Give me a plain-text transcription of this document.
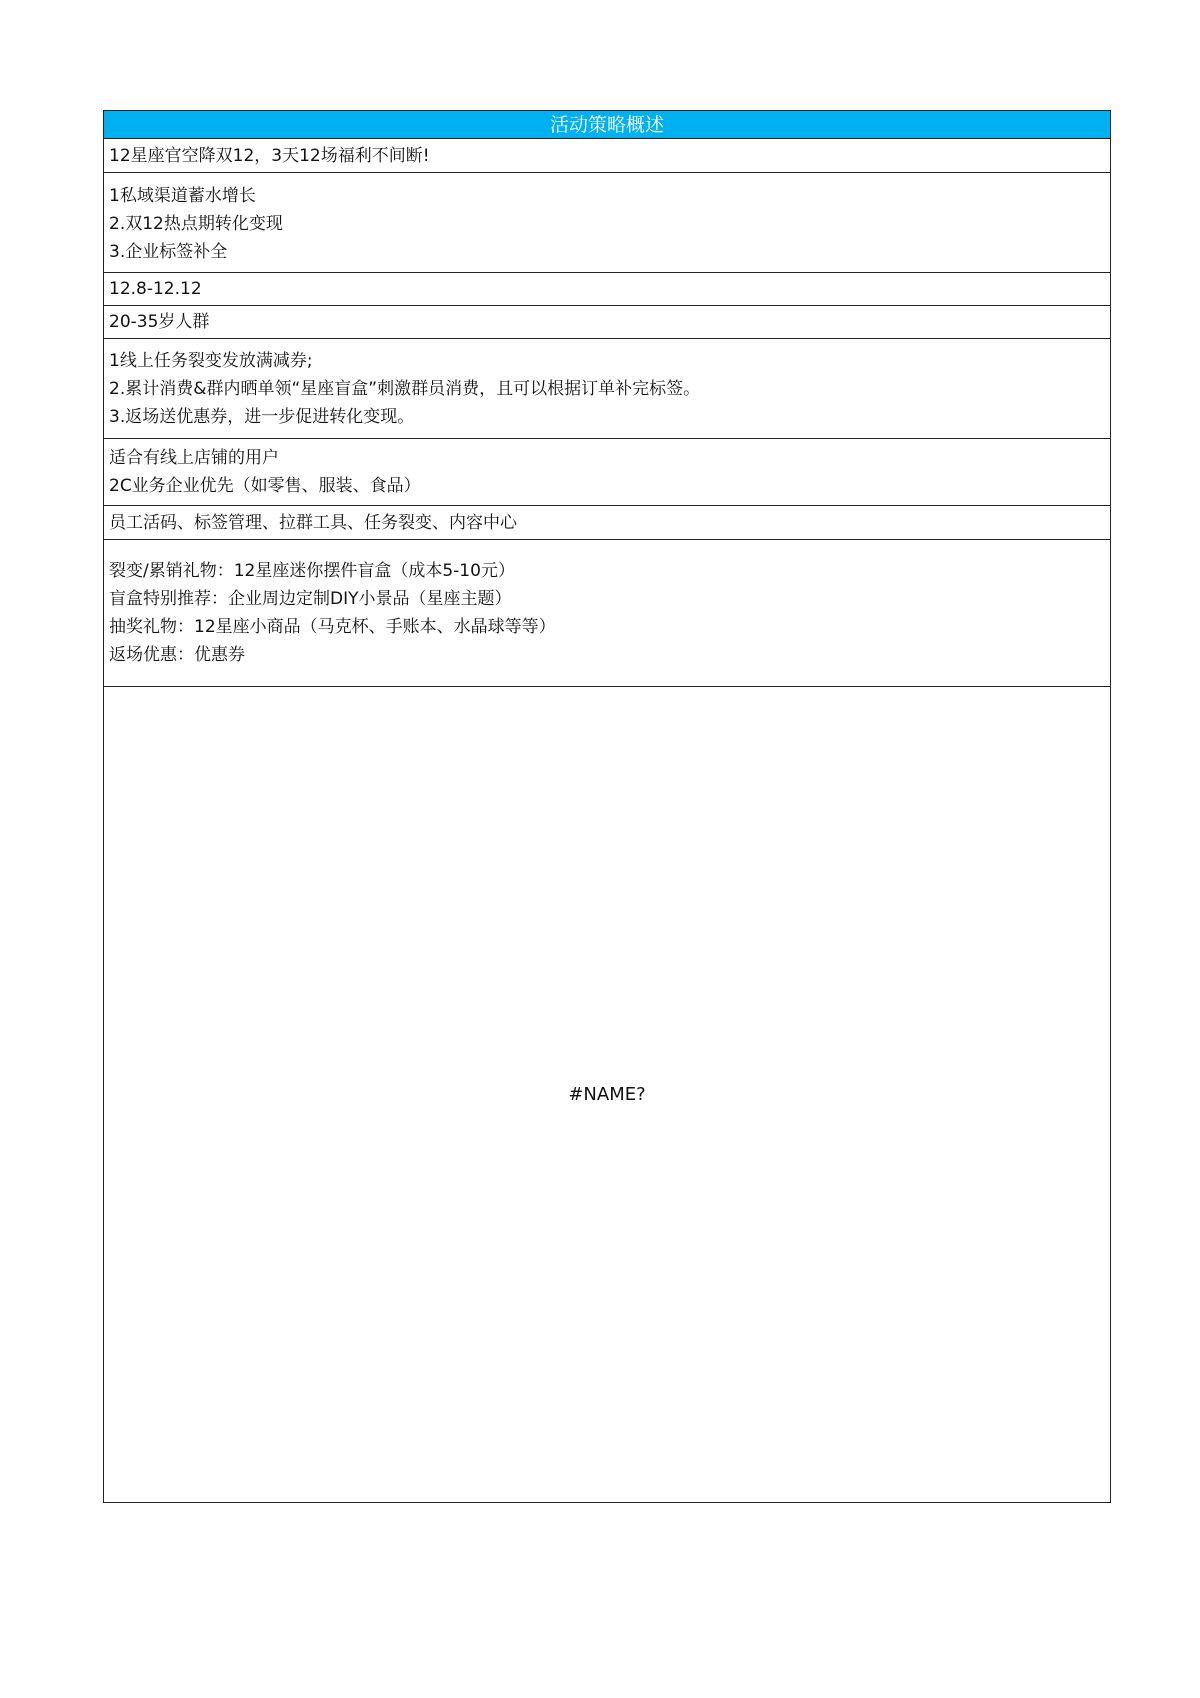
活动策略概述
12星座官空降双12，3天12场福利不间断!
1私域渠道蓄水增长
2.双12热点期转化变现
3.企业标签补全
12.8-12.12
20-35岁人群
1线上任务裂变发放满减券;
2.累计消费&群内晒单领“星座盲盒”刺激群员消费，且可以根据订单补完标签。
3.返场送优惠券，进一步促进转化变现。
适合有线上店铺的用户
2C业务企业优先（如零售、服装、食品）
员工活码、标签管理、拉群工具、任务裂变、内容中心
裂变/累销礼物：12星座迷你摆件盲盒（成本5-10元）
盲盒特别推荐：企业周边定制DIY小景品（星座主题）
抽奖礼物：12星座小商品（马克杯、手账本、水晶球等等）
返场优惠：优惠券
#NAME?
